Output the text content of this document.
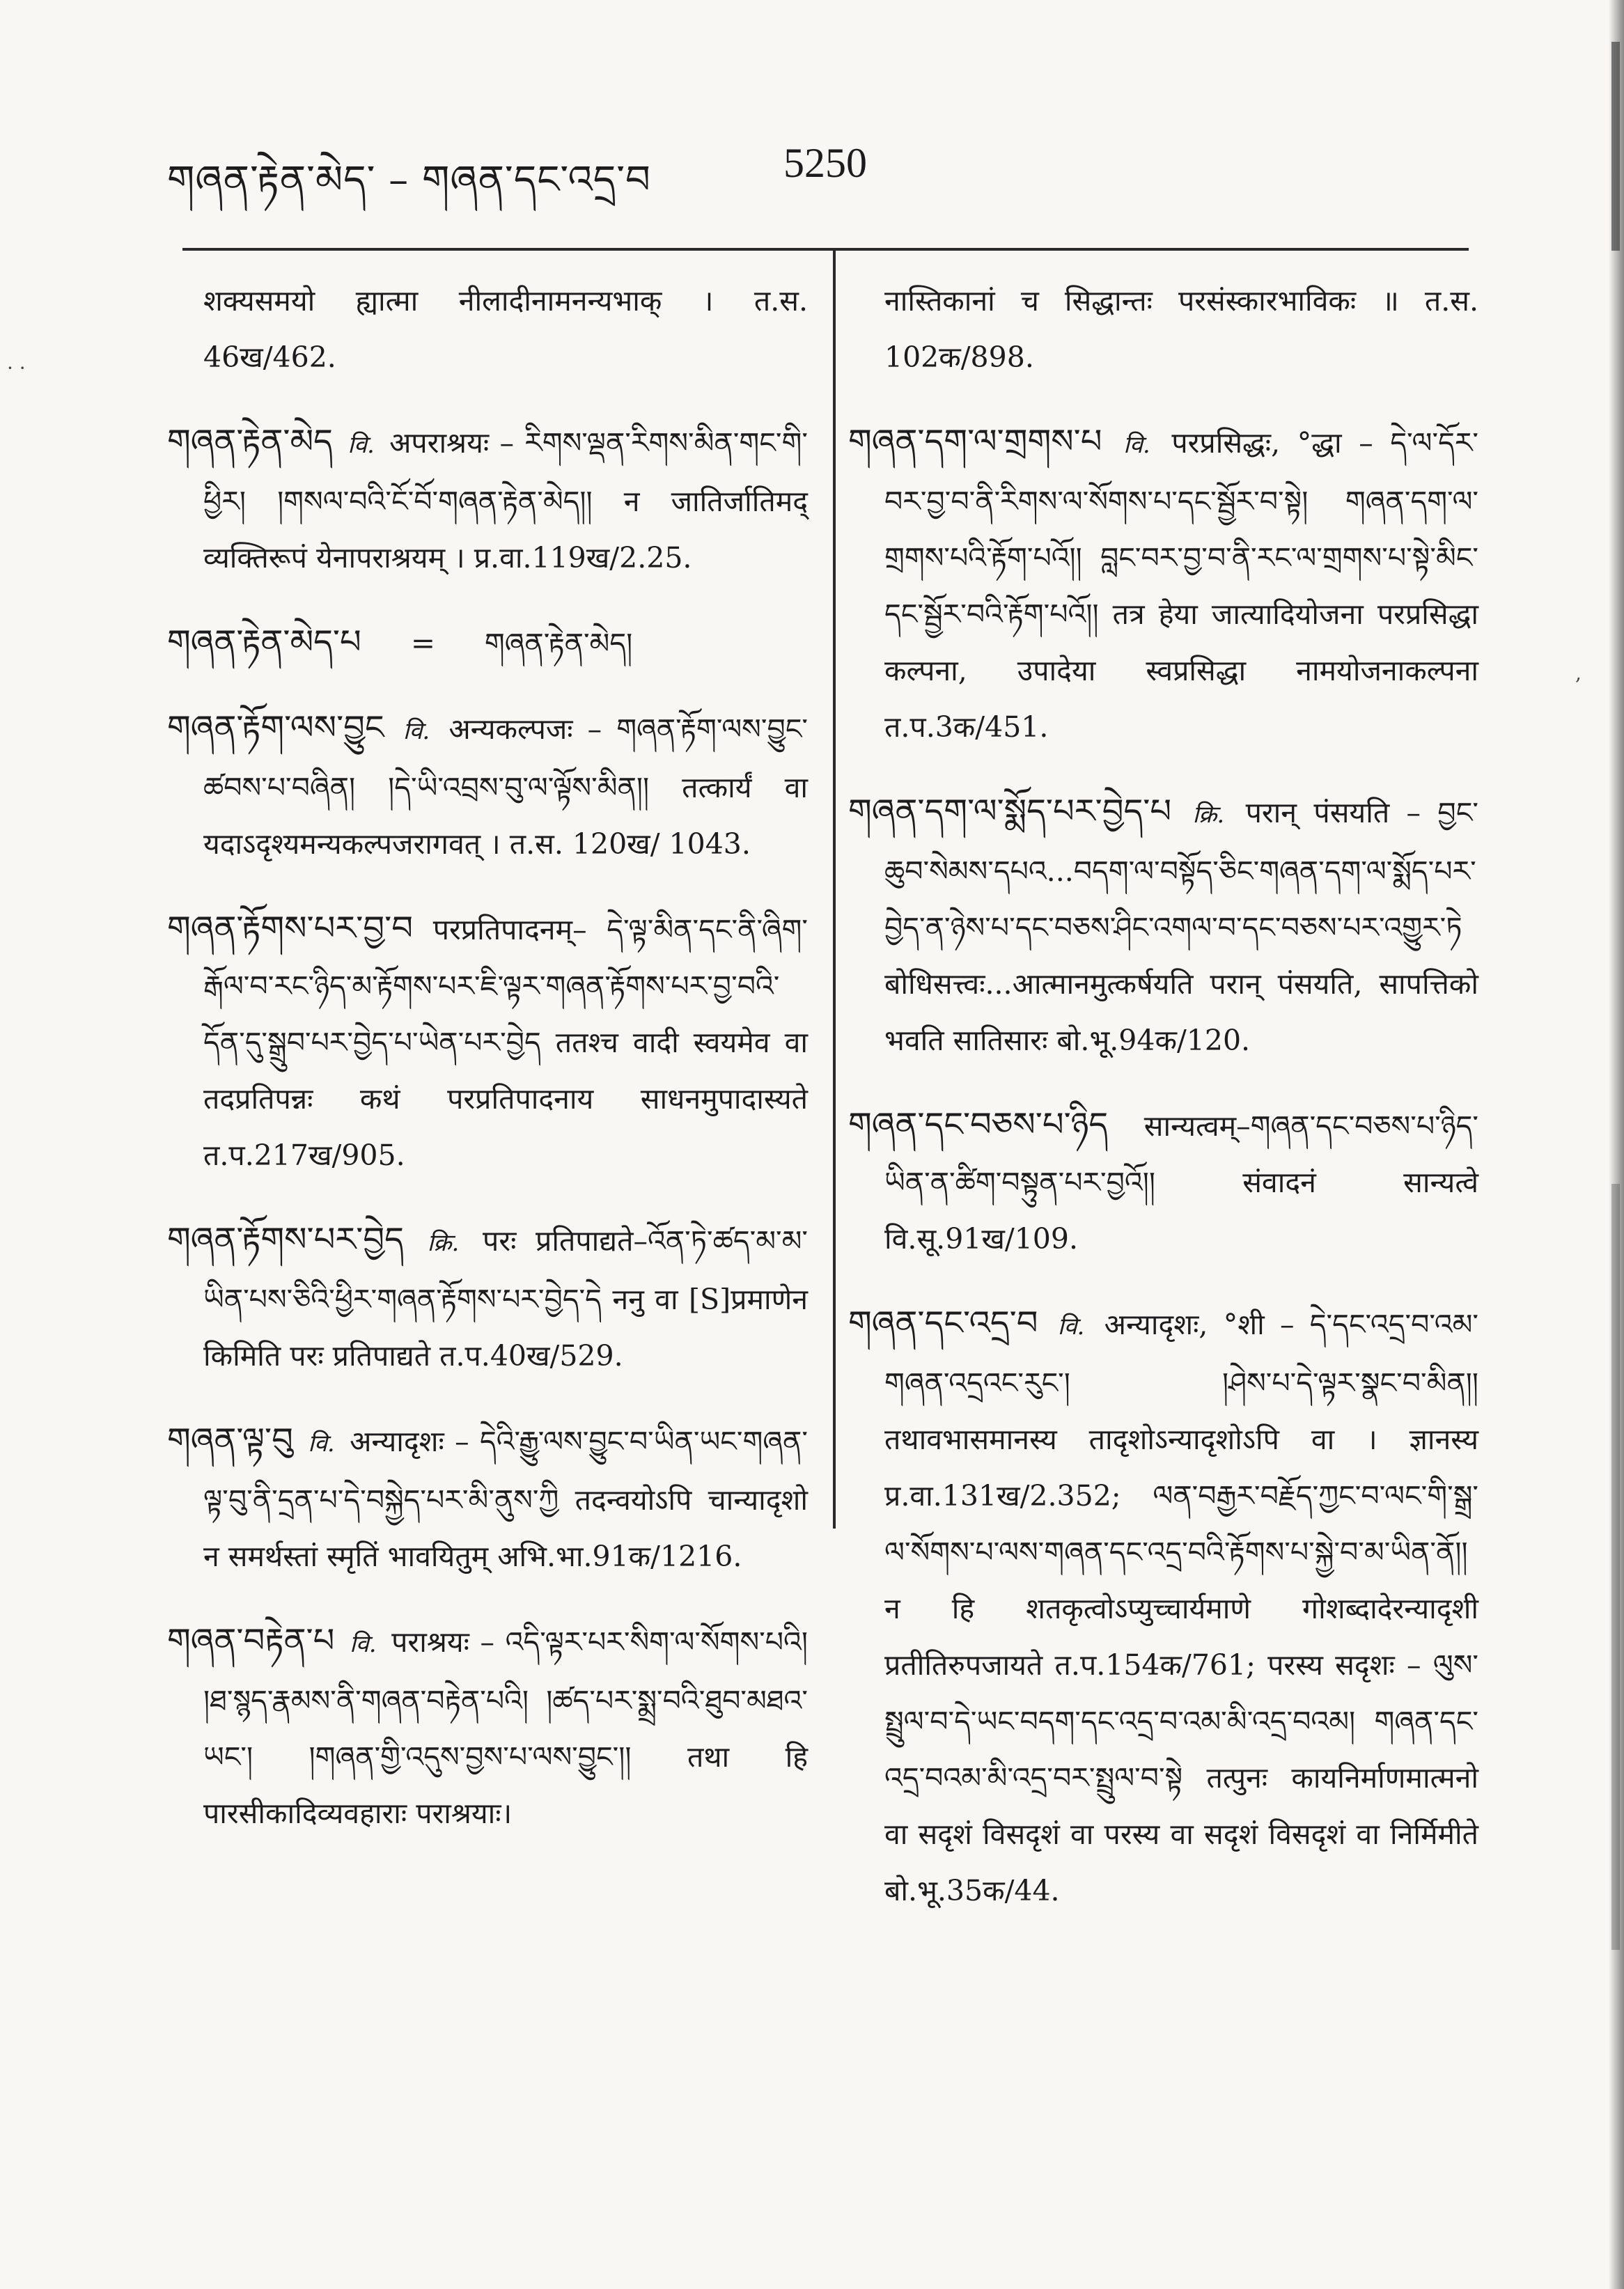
གཞན་རྟེན་མེད་ – གཞན་དང་འདྲ་བ	5250
· ·
,

शक्यसमयो ह्यात्मा नीलादीनामनन्यभाक् । त.स. 46ख/462.

གཞན་རྟེན་མེད वि. अपराश्रयः – རིགས་ལྡན་རིགས་མིན་གང་གི་ཕྱིར། །གསལ་བའི་ངོ་བོ་གཞན་རྟེན་མེད།། न जातिर्जातिमद् व्यक्तिरूपं येनापराश्रयम् । प्र.वा.119ख/2.25.

གཞན་རྟེན་མེད་པ = གཞན་རྟེན་མེད།

གཞན་རྟོག་ལས་བྱུང वि. अन्यकल्पजः – གཞན་རྟོག་ལས་བྱུང་ཚབས་པ་བཞིན། །དེ་ཡི་འབྲས་བུ་ལ་ལྟོས་མིན།། तत्कार्यं वा यदाऽदृश्यमन्यकल्पजरागवत् । त.स. 120ख/ 1043.

གཞན་རྟོགས་པར་བྱ་བ परप्रतिपादनम्– དེ་ལྟ་མིན་དང་ནི་ཞིག་རྒོལ་བ་རང་ཉིད་མ་རྟོགས་པར་ཇི་ལྟར་གཞན་རྟོགས་པར་བྱ་བའི་དོན་དུ་སྒྲུབ་པར་བྱེད་པ་ཡེན་པར་བྱེད ततश्च वादी स्वयमेव वा तदप्रतिपन्नः कथं परप्रतिपादनाय साधनमुपादास्यते त.प.217ख/905.

གཞན་རྟོགས་པར་བྱེད क्रि. परः प्रतिपाद्यते–འོན་ཏེ་ཚད་མ་མ་ཡིན་པས་ཅིའི་ཕྱིར་གཞན་རྟོགས་པར་བྱེད་དེ ननु वा [S]प्रमाणेन किमिति परः प्रतिपाद्यते त.प.40ख/529.

གཞན་ལྟ་བུ वि. अन्यादृशः – དེའི་རྒྱུ་ལས་བྱུང་བ་ཡིན་ཡང་གཞན་ལྟ་བུ་ནི་དྲན་པ་དེ་བསྐྱེད་པར་མི་ནུས་ཀྱི तदन्वयोऽपि चान्यादृशो न समर्थस्तां स्मृतिं भावयितुम् अभि.भा.91क/1216.

གཞན་བརྟེན་པ वि. पराश्रयः – འདི་ལྟར་པར་སིག་ལ་སོགས་པའི། །ཐ་སྙད་རྣམས་ནི་གཞན་བརྟེན་པའི། །ཚད་པར་སྨྲ་བའི་ཐུབ་མཐའ་ཡང་། །གཞན་གྱི་འདུས་བྱས་པ་ལས་བྱུང་།། तथा हि पारसीकादिव्यवहाराः पराश्रयाः।

नास्तिकानां च सिद्धान्तः परसंस्कारभाविकः ॥ त.स. 102क/898.

གཞན་དག་ལ་གྲགས་པ वि. परप्रसिद्धः, °द्धा – དེ་ལ་དོར་བར་བྱ་བ་ནི་རིགས་ལ་སོགས་པ་དང་སྦྱོར་བ་སྟེ། གཞན་དག་ལ་གྲགས་པའི་རྟོག་པའོ།། བླང་བར་བྱ་བ་ནི་རང་ལ་གྲགས་པ་སྟེ་མིང་དང་སྦྱོར་བའི་རྟོག་པའོ།། तत्र हेया जात्यादियोजना परप्रसिद्धा कल्पना, उपादेया स्वप्रसिद्धा नामयोजनाकल्पना त.प.3क/451.

གཞན་དག་ལ་སྨོད་པར་བྱེད་པ क्रि. परान् पंसयति – བྱང་ཆུབ་སེམས་དཔའ...བདག་ལ་བསྟོད་ཅིང་གཞན་དག་ལ་སྨོད་པར་བྱེད་ན་ཉེས་པ་དང་བཅས་ཤིང་འགལ་བ་དང་བཅས་པར་འགྱུར་ཏེ बोधिसत्त्वः...आत्मानमुत्कर्षयति परान् पंसयति, सापत्तिको भवति सातिसारः बो.भू.94क/120.

གཞན་དང་བཅས་པ་ཉིད सान्यत्वम्–གཞན་དང་བཅས་པ་ཉིད་ཡིན་ན་ཚིག་བསྟུན་པར་བྱའོ།། संवादनं सान्यत्वे वि.सू.91ख/109.

གཞན་དང་འདྲ་བ वि. अन्यादृशः, °शी – དེ་དང་འདྲ་བ་འམ་གཞན་འདྲའང་རུང་། །ཤེས་པ་དེ་ལྟར་སྣང་བ་མིན།། तथावभासमानस्य तादृशोऽन्यादृशोऽपि वा । ज्ञानस्य प्र.वा.131ख/2.352; ལན་བརྒྱར་བརྗོད་ཀྱང་བ་ལང་གི་སྒྲ་ལ་སོགས་པ་ལས་གཞན་དང་འདྲ་བའི་རྟོགས་པ་སྐྱེ་བ་མ་ཡིན་ནོ།། न हि शतकृत्वोऽप्युच्चार्यमाणे गोशब्दादेरन्यादृशी प्रतीतिरुपजायते त.प.154क/761; परस्य सदृशः – ལུས་སྤྲུལ་བ་དེ་ཡང་བདག་དང་འདྲ་བ་འམ་མི་འདྲ་བའམ། གཞན་དང་འདྲ་བའམ་མི་འདྲ་བར་སྤྲུལ་བ་སྟེ तत्पुनः कायनिर्माणमात्मनो वा सदृशं विसदृशं वा परस्य वा सदृशं विसदृशं वा निर्मिमीते बो.भू.35क/44.
